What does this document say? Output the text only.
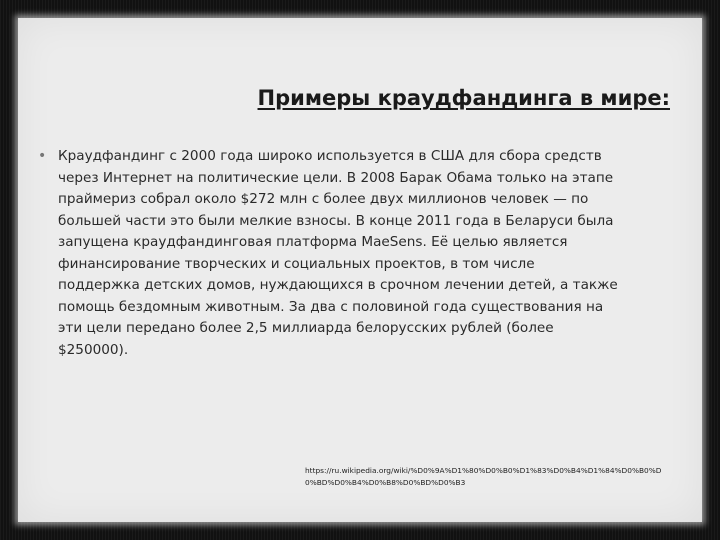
Примеры краудфандинга в мире:
• Краудфандинг с 2000 года широко используется в США для сбора средств через Интернет на политические цели. В 2008 Барак Обама только на этапе праймериз собрал около $272 млн с более двух миллионов человек — по большей части это были мелкие взносы. В конце 2011 года в Беларуси была запущена краудфандинговая платформа MaeSens. Её целью является финансирование творческих и социальных проектов, в том числе поддержка детских домов, нуждающихся в срочном лечении детей, а также помощь бездомным животным. За два с половиной года существования на эти цели передано более 2,5 миллиарда белорусских рублей (более $250000).

https://ru.wikipedia.org/wiki/%D0%9A%D1%80%D0%B0%D1%83%D0%B4%D1%84%D0%B0%D0%BD%D0%B4%D0%B8%D0%BD%D0%B3
